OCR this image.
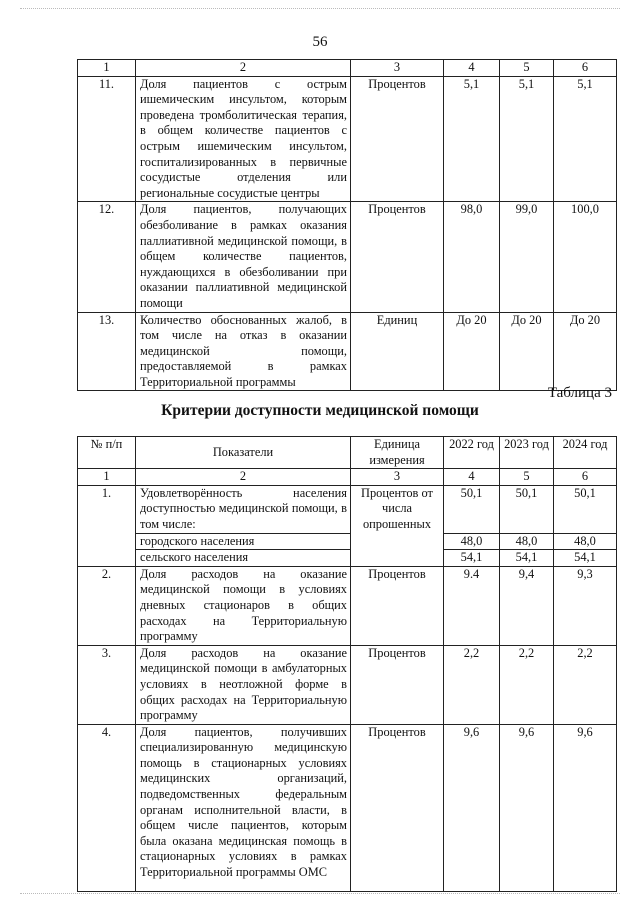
56
1	2	3	4	5	6
11.	Доля пациентов с острым ишемическим инсультом, которым проведена тромболитическая терапия, в общем количестве пациентов с острым ишемическим инсультом, госпитализированных в первичные сосудистые отделения или региональные сосудистые центры	Процентов	5,1	5,1	5,1
12.	Доля пациентов, получающих обезболивание в рамках оказания паллиативной медицинской помощи, в общем количестве пациентов, нуждающихся в обезболивании при оказании паллиативной медицинской помощи	Процентов	98,0	99,0	100,0
13.	Количество обоснованных жалоб, в том числе на отказ в оказании медицинской помощи, предоставляемой в рамках Территориальной программы	Единиц	До 20	До 20	До 20
Таблица 3
Критерии доступности медицинской помощи
№ п/п	Показатели	Единица измерения	2022 год	2023 год	2024 год
1	2	3	4	5	6
1.	Удовлетворённость населения доступностью медицинской помощи, в том числе:	Процентов от числа опрошенных	50,1	50,1	50,1
	городского населения		48,0	48,0	48,0
	сельского населения		54,1	54,1	54,1
2.	Доля расходов на оказание медицинской помощи в условиях дневных стационаров в общих расходах на Территориальную программу	Процентов	9.4	9,4	9,3
3.	Доля расходов на оказание медицинской помощи в амбулаторных условиях в неотложной форме в общих расходах на Территориальную программу	Процентов	2,2	2,2	2,2
4.	Доля пациентов, получивших специализированную медицинскую помощь в стационарных условиях медицинских организаций, подведомственных федеральным органам исполнительной власти, в общем числе пациентов, которым была оказана медицинская помощь в стационарных условиях в рамках Территориальной программы ОМС	Процентов	9,6	9,6	9,6
